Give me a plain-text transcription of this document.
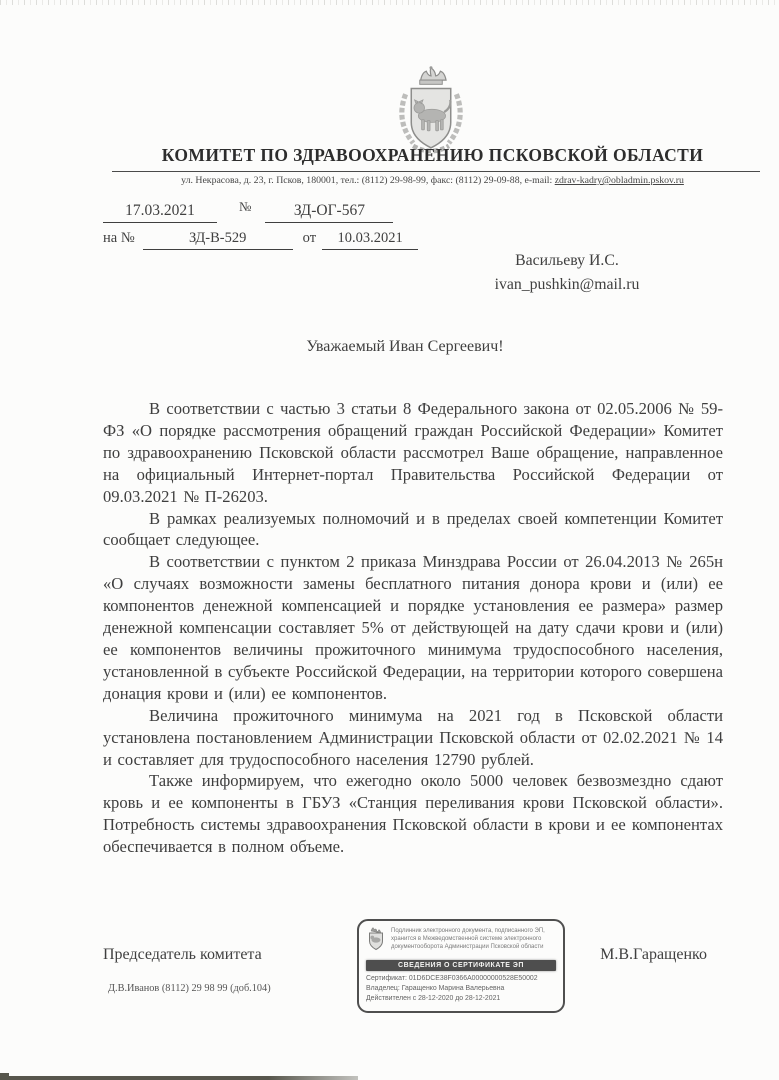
КОМИТЕТ ПО ЗДРАВООХРАНЕНИЮ ПСКОВСКОЙ ОБЛАСТИ
ул. Некрасова, д. 23, г. Псков, 180001, тел.: (8112) 29-98-99, факс: (8112) 29-09-88, e-mail: zdrav-kadry@obladmin.pskov.ru
17.03.2021	№	ЗД-ОГ-567
на №	ЗД-В-529	от 10.03.2021
Васильеву И.С.
ivan_pushkin@mail.ru
Уважаемый Иван Сергеевич!

В соответствии с частью 3 статьи 8 Федерального закона от 02.05.2006 № 59-ФЗ «О порядке рассмотрения обращений граждан Российской Федерации» Комитет по здравоохранению Псковской области рассмотрел Ваше обращение, направленное на официальный Интернет-портал Правительства Российской Федерации от 09.03.2021 № П-26203.

В рамках реализуемых полномочий и в пределах своей компетенции Комитет сообщает следующее.

В соответствии с пунктом 2 приказа Минздрава России от 26.04.2013 № 265н «О случаях возможности замены бесплатного питания донора крови и (или) ее компонентов денежной компенсацией и порядке установления ее размера» размер денежной компенсации составляет 5% от действующей на дату сдачи крови и (или) ее компонентов величины прожиточного минимума трудоспособного населения, установленной в субъекте Российской Федерации, на территории которого совершена донация крови и (или) ее компонентов.

Величина прожиточного минимума на 2021 год в Псковской области установлена постановлением Администрации Псковской области от 02.02.2021 № 14 и составляет для трудоспособного населения 12790 рублей.

Также информируем, что ежегодно около 5000 человек безвозмездно сдают кровь и ее компоненты в ГБУЗ «Станция переливания крови Псковской области». Потребность системы здравоохранения Псковской области в крови и ее компонентах обеспечивается в полном объеме.

Председатель комитета	М.В.Гаращенко
Д.В.Иванов (8112) 29 98 99 (доб.104)
Подлинник электронного документа, подписанного ЭП,
хранится в Межведомственной системе электронного
документооборота Администрации Псковской области
СВЕДЕНИЯ О СЕРТИФИКАТЕ ЭП
Сертификат: 01D6DCE38F0366A00000000528E50002
Владелец: Гаращенко Марина Валерьевна
Действителен с 28-12-2020 до 28-12-2021
